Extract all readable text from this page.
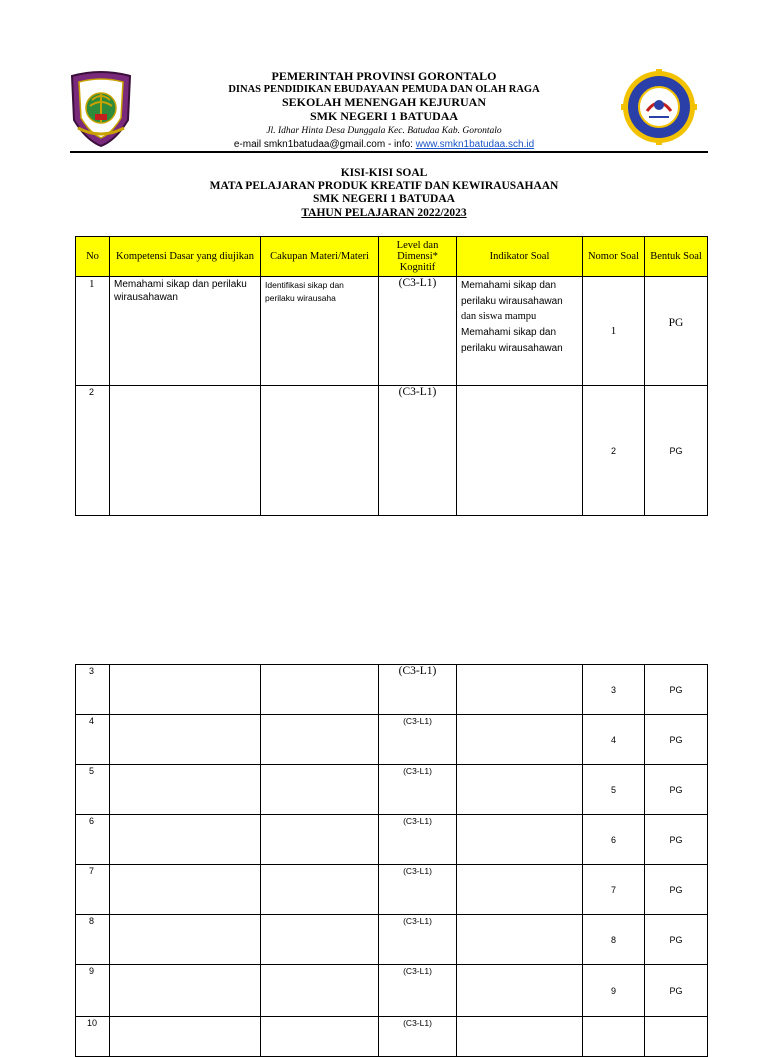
PEMERINTAH PROVINSI GORONTALO
DINAS PENDIDIKAN EBUDAYAAN PEMUDA DAN OLAH RAGA
SEKOLAH MENENGAH KEJURUAN
SMK NEGERI 1 BATUDAA
Jl. Idhar Hinta Desa Dunggala Kec. Batudaa Kab. Gorontalo
e-mail smkn1batudaa@gmail.com - info: www.smkn1batudaa.sch.id
KISI-KISI SOAL
MATA PELAJARAN PRODUK KREATIF DAN KEWIRAUSAHAAN
SMK NEGERI 1 BATUDAA
TAHUN PELAJARAN 2022/2023
No	Kompetensi Dasar yang diujikan	Cakupan Materi/Materi	Level dan Dimensi* Kognitif	Indikator Soal	Nomor Soal	Bentuk Soal
1	Memahami sikap dan perilaku wirausahawan	Identifikasi sikap dan perilaku wirausaha	(C3-L1)	Memahami sikap dan perilaku wirausahawan
dan siswa mampu
Memahami sikap dan perilaku wirausahawan	1	PG
2			(C3-L1)		2	PG
3			(C3-L1)		3	PG
4			(C3-L1)		4	PG
5			(C3-L1)		5	PG
6			(C3-L1)		6	PG
7			(C3-L1)		7	PG
8			(C3-L1)		8	PG
9			(C3-L1)		9	PG
10			(C3-L1)			
